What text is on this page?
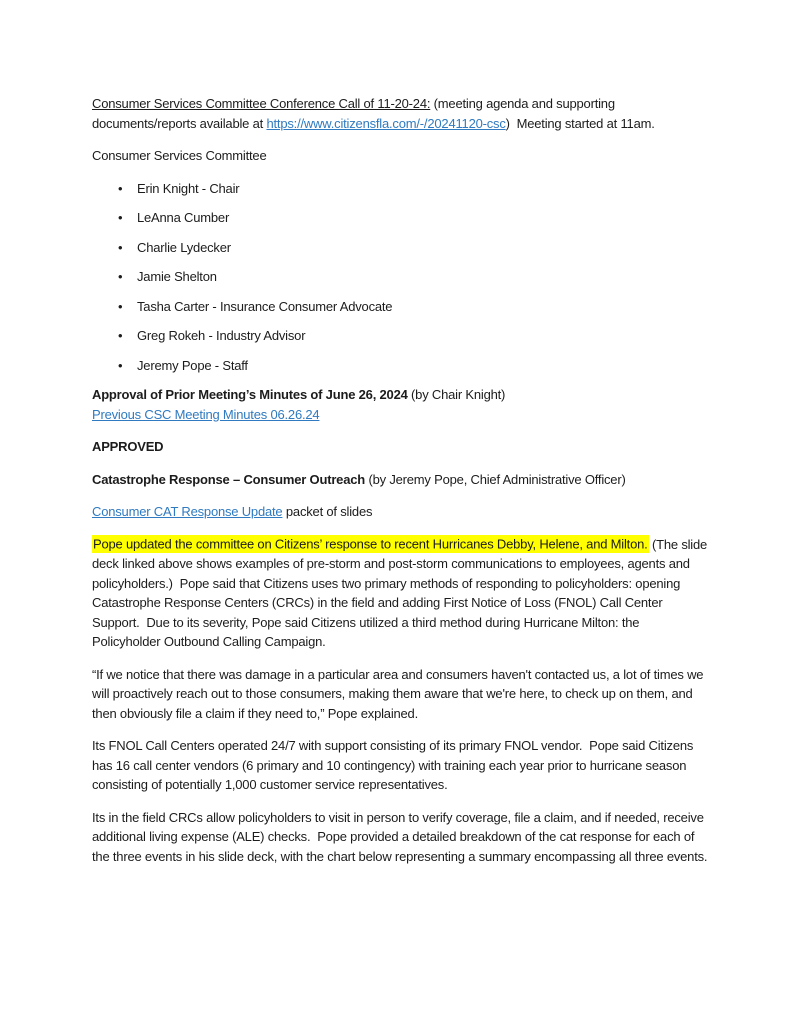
Consumer Services Committee Conference Call of 11-20-24: (meeting agenda and supporting documents/reports available at https://www.citizensfla.com/-/20241120-csc)  Meeting started at 11am.

Consumer Services Committee

• Erin Knight - Chair
• LeAnna Cumber
• Charlie Lydecker
• Jamie Shelton
• Tasha Carter - Insurance Consumer Advocate
• Greg Rokeh - Industry Advisor
• Jeremy Pope - Staff

Approval of Prior Meeting’s Minutes of June 26, 2024 (by Chair Knight)
Previous CSC Meeting Minutes 06.26.24

APPROVED

Catastrophe Response – Consumer Outreach (by Jeremy Pope, Chief Administrative Officer)

Consumer CAT Response Update packet of slides

Pope updated the committee on Citizens’ response to recent Hurricanes Debby, Helene, and Milton. (The slide deck linked above shows examples of pre-storm and post-storm communications to employees, agents and policyholders.)  Pope said that Citizens uses two primary methods of responding to policyholders: opening Catastrophe Response Centers (CRCs) in the field and adding First Notice of Loss (FNOL) Call Center Support.  Due to its severity, Pope said Citizens utilized a third method during Hurricane Milton: the Policyholder Outbound Calling Campaign.

“If we notice that there was damage in a particular area and consumers haven't contacted us, a lot of times we will proactively reach out to those consumers, making them aware that we're here, to check up on them, and then obviously file a claim if they need to,” Pope explained.

Its FNOL Call Centers operated 24/7 with support consisting of its primary FNOL vendor.  Pope said Citizens has 16 call center vendors (6 primary and 10 contingency) with training each year prior to hurricane season consisting of potentially 1,000 customer service representatives.

Its in the field CRCs allow policyholders to visit in person to verify coverage, file a claim, and if needed, receive additional living expense (ALE) checks.  Pope provided a detailed breakdown of the cat response for each of the three events in his slide deck, with the chart below representing a summary encompassing all three events.
